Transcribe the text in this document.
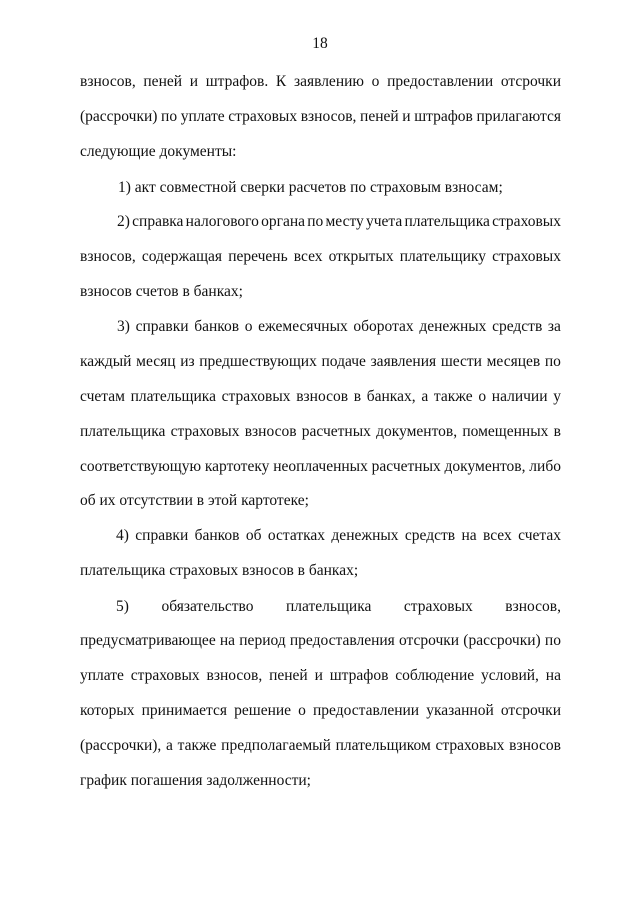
18
взносов, пеней и штрафов. К заявлению о предоставлении отсрочки
(рассрочки) по уплате страховых взносов, пеней и штрафов прилагаются
следующие документы:
1) акт совместной сверки расчетов по страховым взносам;
2) справка налогового органа по месту учета плательщика страховых
взносов, содержащая перечень всех открытых плательщику страховых
взносов счетов в банках;
3) справки банков о ежемесячных оборотах денежных средств за
каждый месяц из предшествующих подаче заявления шести месяцев по
счетам плательщика страховых взносов в банках, а также о наличии у
плательщика страховых взносов расчетных документов, помещенных в
соответствующую картотеку неоплаченных расчетных документов, либо
об их отсутствии в этой картотеке;
4) справки банков об остатках денежных средств на всех счетах
плательщика страховых взносов в банках;
5) обязательство плательщика страховых взносов,
предусматривающее на период предоставления отсрочки (рассрочки) по
уплате страховых взносов, пеней и штрафов соблюдение условий, на
которых принимается решение о предоставлении указанной отсрочки
(рассрочки), а также предполагаемый плательщиком страховых взносов
график погашения задолженности;
